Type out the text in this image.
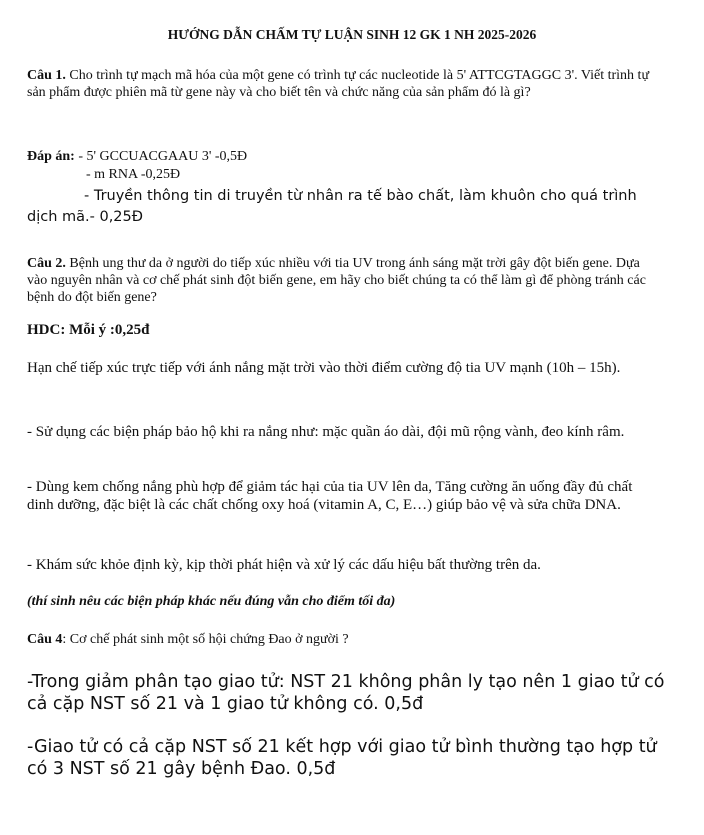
HƯỚNG DẪN CHẤM TỰ LUẬN SINH 12 GK 1 NH 2025-2026
Câu 1. Cho trình tự mạch mã hóa của một gene có trình tự các nucleotide là 5' ATTCGTAGGC 3'. Viết trình tự sản phẩm được phiên mã từ gene này và cho biết tên và chức năng của sản phẩm đó là gì?
Đáp án: - 5' GCCUACGAAU 3' -0,5Đ
- m RNA -0,25Đ
- Truyền thông tin di truyền từ nhân ra tế bào chất, làm khuôn cho quá trình dịch mã.- 0,25Đ
Câu 2. Bệnh ung thư da ở người do tiếp xúc nhiều với tia UV trong ánh sáng mặt trời gây đột biến gene. Dựa vào nguyên nhân và cơ chế phát sinh đột biến gene, em hãy cho biết chúng ta có thể làm gì để phòng tránh các bệnh do đột biến gene?
HDC: Mỗi ý :0,25đ
Hạn chế tiếp xúc trực tiếp với ánh nắng mặt trời vào thời điểm cường độ tia UV mạnh (10h – 15h).
- Sử dụng các biện pháp bảo hộ khi ra nắng như: mặc quần áo dài, đội mũ rộng vành, đeo kính râm.
- Dùng kem chống nắng phù hợp để giảm tác hại của tia UV lên da, Tăng cường ăn uống đầy đủ chất dinh dưỡng, đặc biệt là các chất chống oxy hoá (vitamin A, C, E…) giúp bảo vệ và sửa chữa DNA.
- Khám sức khỏe định kỳ, kịp thời phát hiện và xử lý các dấu hiệu bất thường trên da.
(thí sinh nêu các biện pháp khác nếu đúng vẫn cho điểm tối đa)
Câu 4: Cơ chế phát sinh một số hội chứng Đao ở người ?
-Trong giảm phân tạo giao tử: NST 21 không phân ly tạo nên 1 giao tử có cả cặp NST số 21 và 1 giao tử không có. 0,5đ
-Giao tử có cả cặp NST số 21 kết hợp với giao tử bình thường tạo hợp tử có 3 NST số 21 gây bệnh Đao. 0,5đ
